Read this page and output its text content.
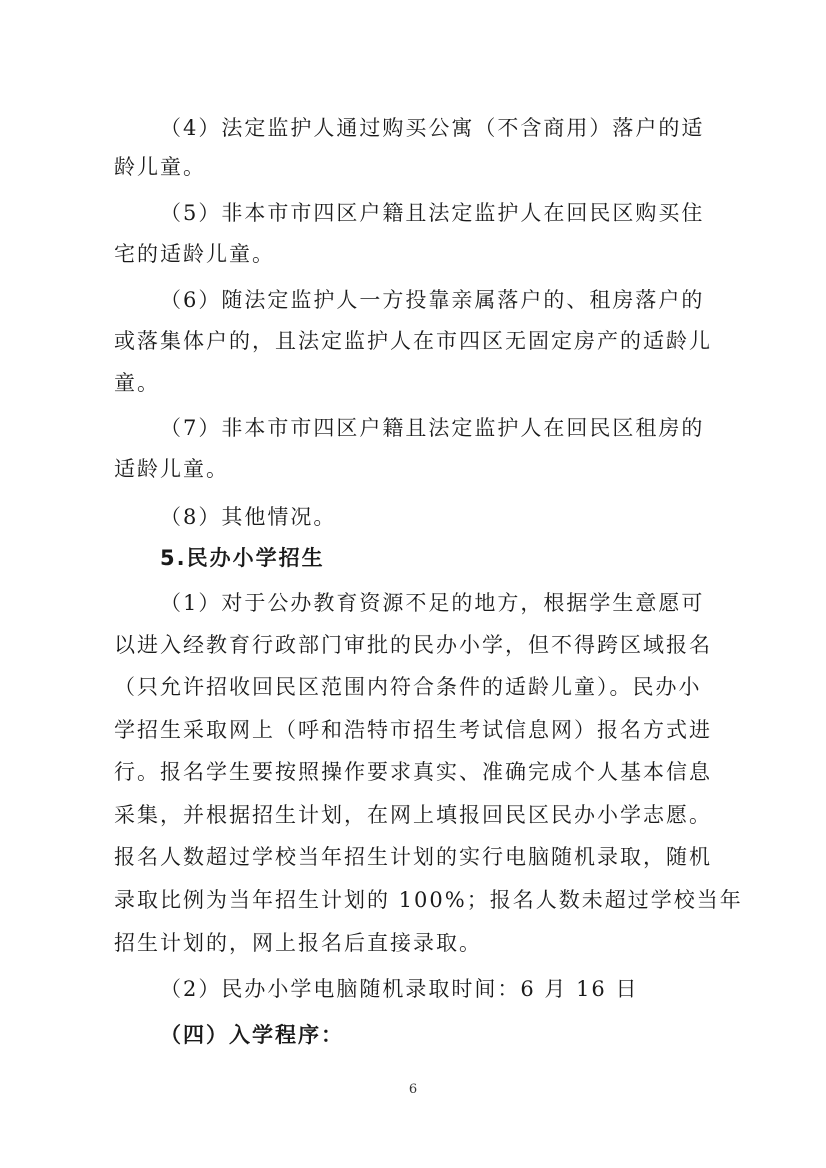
（4）法定监护人通过购买公寓（不含商用）落户的适
龄儿童。
（5）非本市市四区户籍且法定监护人在回民区购买住
宅的适龄儿童。
（6）随法定监护人一方投靠亲属落户的、租房落户的
或落集体户的，且法定监护人在市四区无固定房产的适龄儿
童。
（7）非本市市四区户籍且法定监护人在回民区租房的
适龄儿童。
（8）其他情况。
5.民办小学招生
（1）对于公办教育资源不足的地方，根据学生意愿可
以进入经教育行政部门审批的民办小学，但不得跨区域报名
（只允许招收回民区范围内符合条件的适龄儿童）。民办小
学招生采取网上（呼和浩特市招生考试信息网）报名方式进
行。报名学生要按照操作要求真实、准确完成个人基本信息
采集，并根据招生计划，在网上填报回民区民办小学志愿。
报名人数超过学校当年招生计划的实行电脑随机录取，随机
录取比例为当年招生计划的 100%；报名人数未超过学校当年
招生计划的，网上报名后直接录取。
（2）民办小学电脑随机录取时间：6 月 16 日
（四）入学程序：
6
